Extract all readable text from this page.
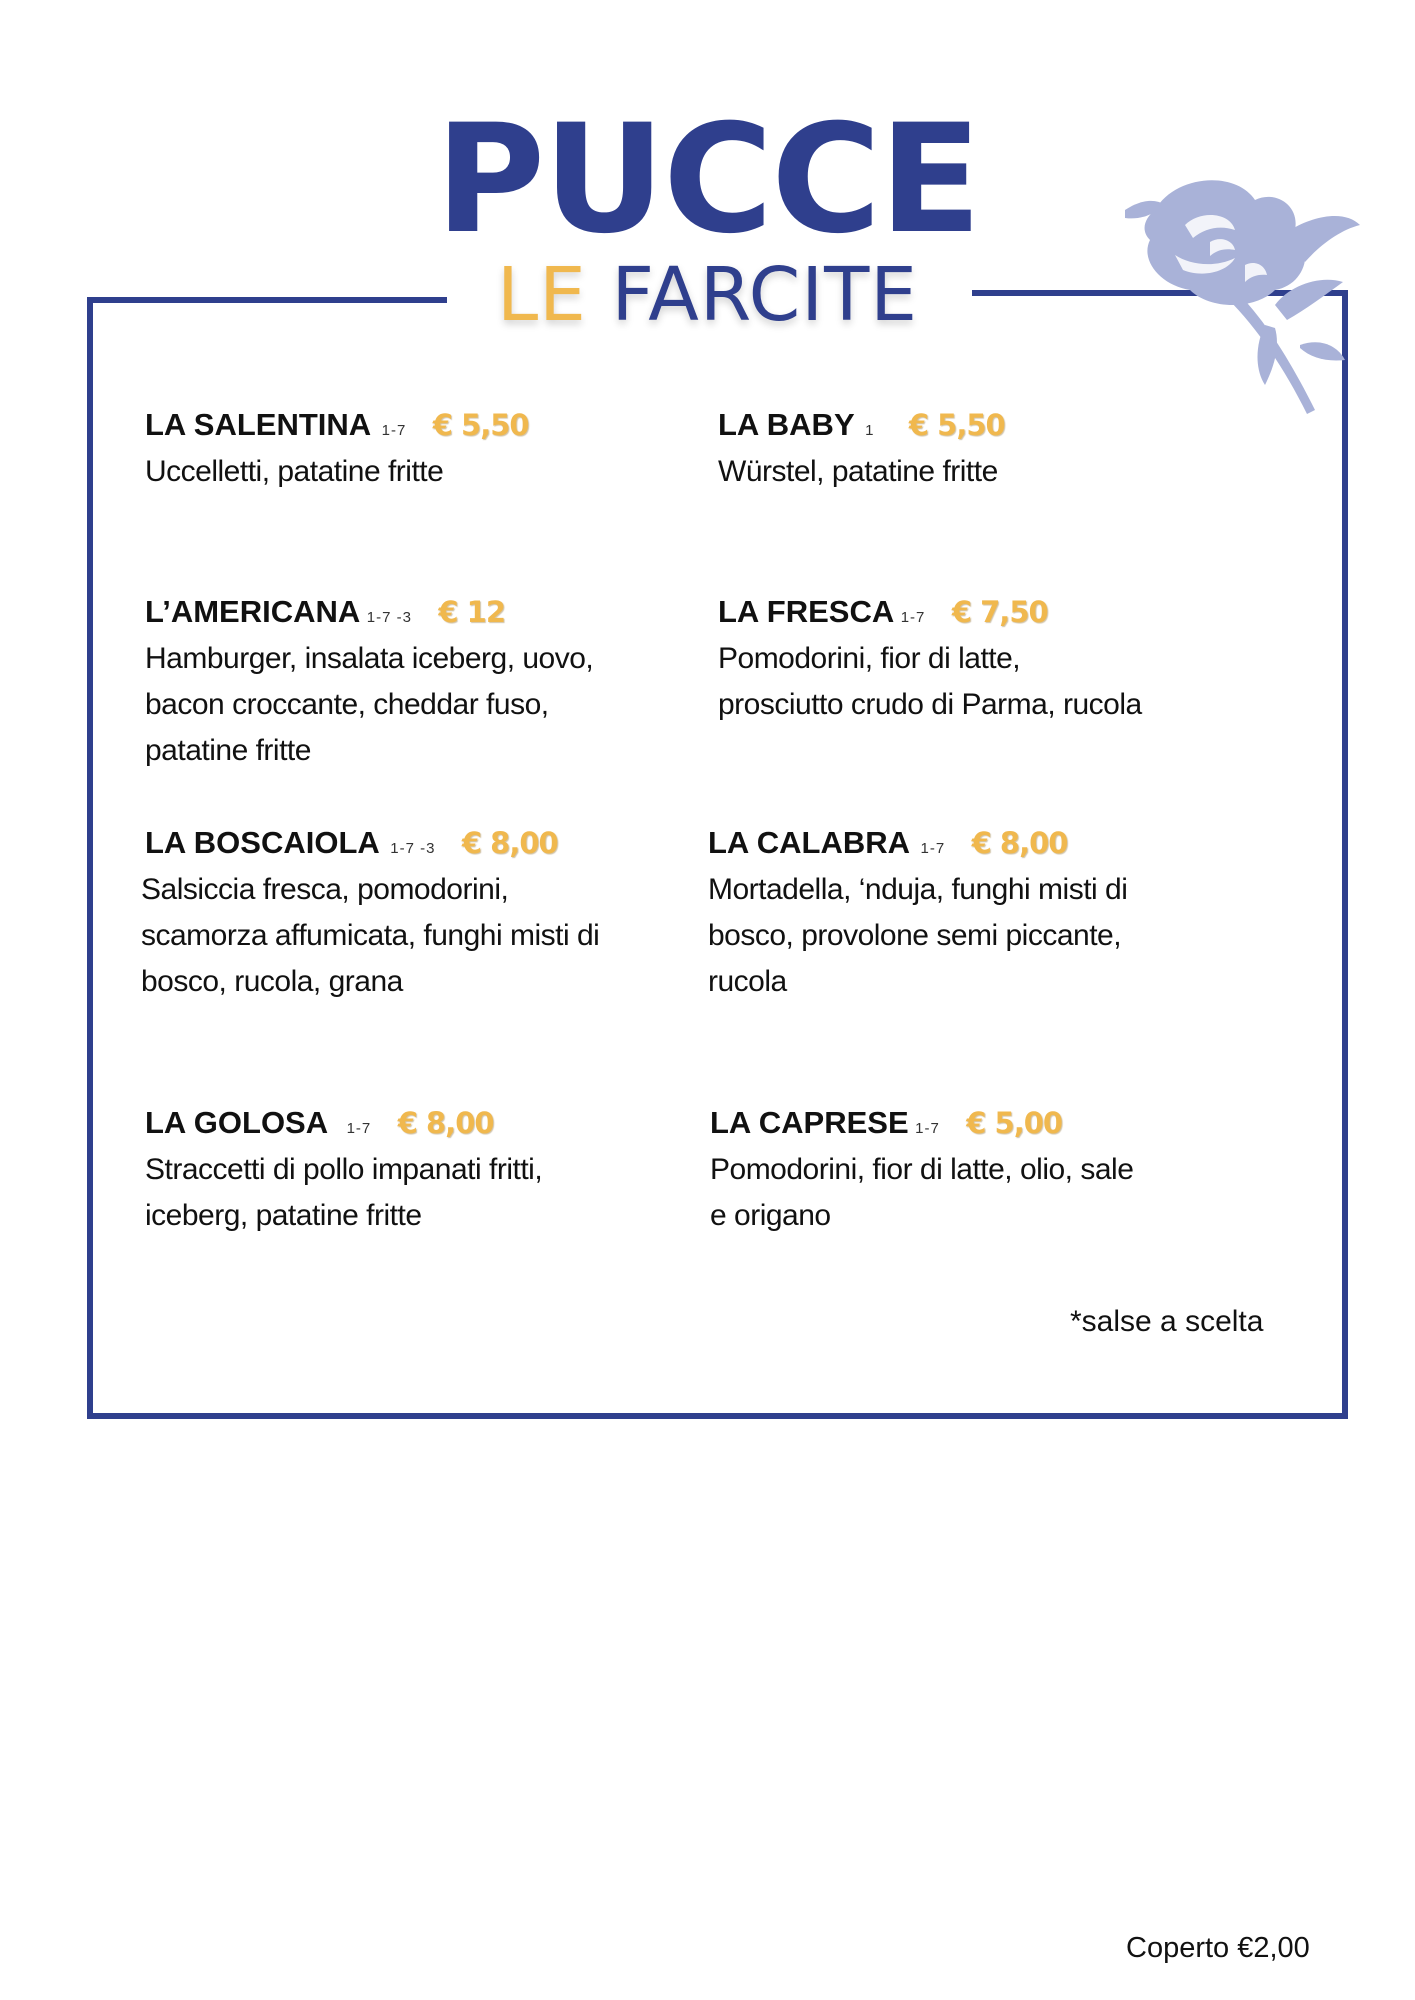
PUCCE
LE FARCITE
LA SALENTINA 1-7 € 5,50
Uccelletti, patatine fritte
LA BABY 1 € 5,50
Würstel, patatine fritte
L’AMERICANA 1-7 -3 € 12
Hamburger, insalata iceberg, uovo,
bacon croccante, cheddar fuso,
patatine fritte
LA FRESCA 1-7 € 7,50
Pomodorini, fior di latte,
prosciutto crudo di Parma, rucola
LA BOSCAIOLA 1-7 -3 € 8,00
Salsiccia fresca, pomodorini,
scamorza affumicata, funghi misti di
bosco, rucola, grana
LA CALABRA 1-7 € 8,00
Mortadella, ‘nduja, funghi misti di
bosco, provolone semi piccante,
rucola
LA GOLOSA 1-7 € 8,00
Straccetti di pollo impanati fritti,
iceberg, patatine fritte
LA CAPRESE 1-7 € 5,00
Pomodorini, fior di latte, olio, sale
e origano
*salse a scelta
Coperto €2,00
